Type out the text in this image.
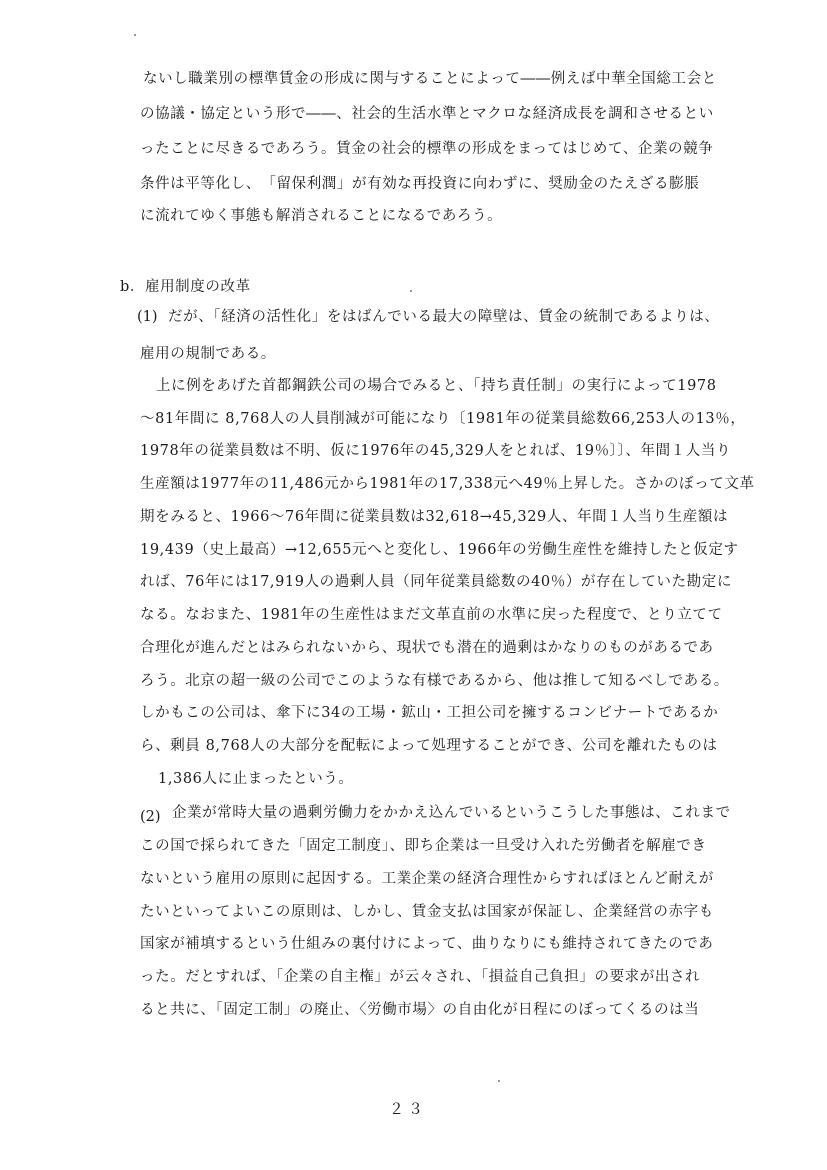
ないし職業別の標準賃金の形成に関与することによって――例えば中華全国総工会と
の協議・協定という形で――、社会的生活水準とマクロな経済成長を調和させるとい
ったことに尽きるであろう。賃金の社会的標準の形成をまってはじめて、企業の競争
条件は平等化し、　「留保利潤」が有効な再投資に向わずに、奨励金のたえざる膨脹
に流れてゆく事態も解消されることになるであろう。
b．雇用制度の改革
(1) だが、「経済の活性化」をはばんでいる最大の障壁は、賃金の統制であるよりは、
雇用の規制である。
上に例をあげた首都鋼鉄公司の場合でみると、「持ち責任制」の実行によって1978
～81年間に 8,768人の人員削減が可能になり〔1981年の従業員総数66,253人の13％，
1978年の従業員数は不明、仮に1976年の45,329人をとれば、19％〕〕、年間１人当り
生産額は1977年の11,486元から1981年の17,338元へ49％上昇した。さかのぼって文革
期をみると、1966～76年間に従業員数は32,618→45,329人、年間１人当り生産額は
19,439（史上最高）→12,655元へと変化し、1966年の労働生産性を維持したと仮定す
れば、76年には17,919人の過剰人員（同年従業員総数の40％）が存在していた勘定に
なる。なおまた、1981年の生産性はまだ文革直前の水準に戻った程度で、とり立てて
合理化が進んだとはみられないから、現状でも潜在的過剰はかなりのものがあるであ
ろう。北京の超一級の公司でこのような有様であるから、他は推して知るべしである。
しかもこの公司は、傘下に34の工場・鉱山・工担公司を擁するコンビナートであるか
ら、剰員 8,768人の大部分を配転によって処理することができ、公司を離れたものは
1,386人に止まったという。
(2) 企業が常時大量の過剰労働力をかかえ込んでいるというこうした事態は、これまで
この国で採られてきた「固定工制度」、即ち企業は一旦受け入れた労働者を解雇でき
ないという雇用の原則に起因する。工業企業の経済合理性からすればほとんど耐えが
たいといってよいこの原則は、しかし、賃金支払は国家が保証し、企業経営の赤字も
国家が補填するという仕組みの裏付けによって、曲りなりにも維持されてきたのであ
った。だとすれば、「企業の自主権」が云々され、「損益自己負担」の要求が出され
ると共に、「固定工制」の廃止、〈労働市場〉の自由化が日程にのぼってくるのは当
２３
